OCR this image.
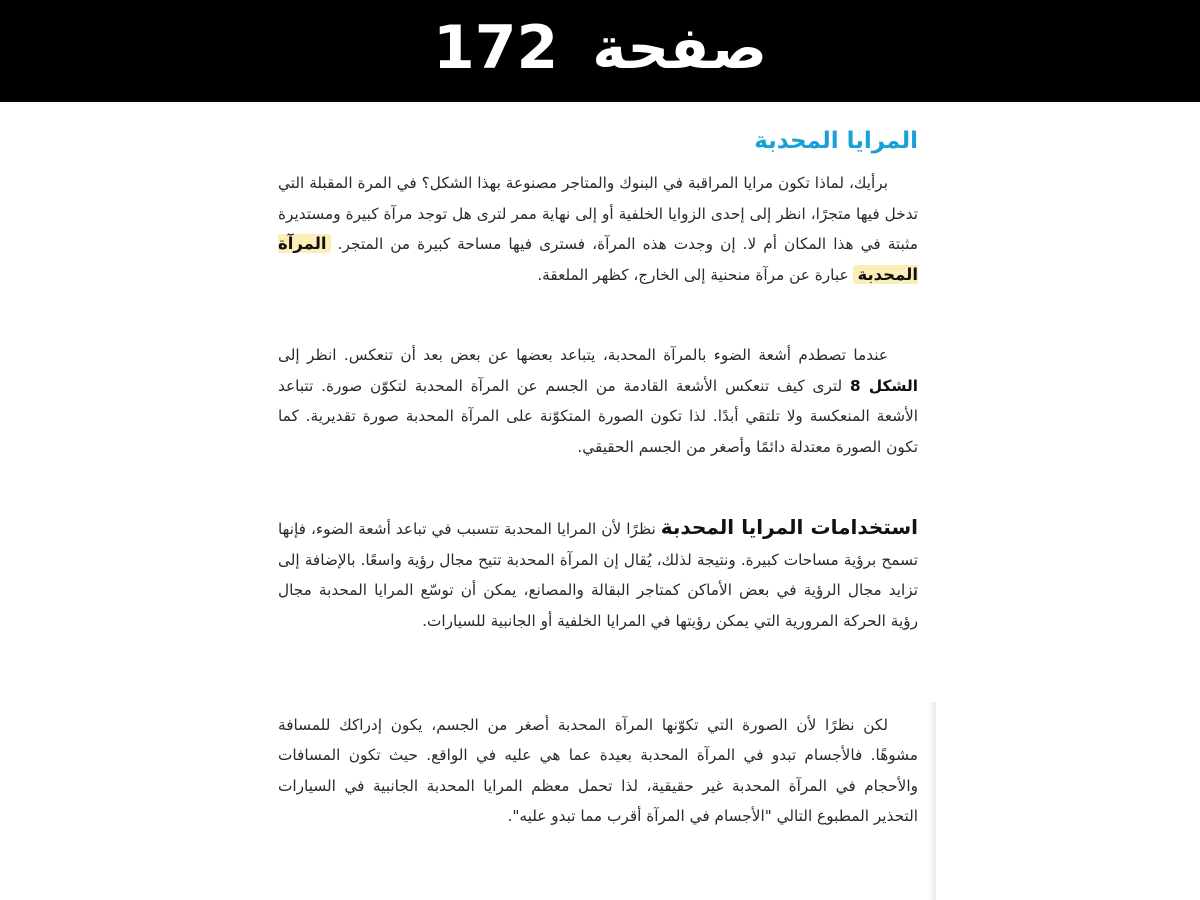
صفحة172
المرايا المحدبة

برأيك، لماذا تكون مرايا المراقبة في البنوك والمتاجر مصنوعة بهذا الشكل؟ في المرة المقبلة التي تدخل فيها متجرًا، انظر إلى إحدى الزوايا الخلفية أو إلى نهاية ممر لترى هل توجد مرآة كبيرة ومستديرة مثبتة في هذا المكان أم لا. إن وجدت هذه المرآة، فسترى فيها مساحة كبيرة من المتجر. المرآة المحدبة عبارة عن مرآة منحنية إلى الخارج، كظهر الملعقة.

عندما تصطدم أشعة الضوء بالمرآة المحدبة، يتباعد بعضها عن بعض بعد أن تنعكس. انظر إلى الشكل 8 لترى كيف تنعكس الأشعة القادمة من الجسم عن المرآة المحدبة لتكوّن صورة. تتباعد الأشعة المنعكسة ولا تلتقي أبدًا. لذا تكون الصورة المتكوّنة على المرآة المحدبة صورة تقديرية. كما تكون الصورة معتدلة دائمًا وأصغر من الجسم الحقيقي.

استخدامات المرايا المحدبة نظرًا لأن المرايا المحدبة تتسبب في تباعد أشعة الضوء، فإنها تسمح برؤية مساحات كبيرة. ونتيجة لذلك، يُقال إن المرآة المحدبة تتيح مجال رؤية واسعًا. بالإضافة إلى تزايد مجال الرؤية في بعض الأماكن كمتاجر البقالة والمصانع، يمكن أن توسّع المرايا المحدبة مجال رؤية الحركة المرورية التي يمكن رؤيتها في المرايا الخلفية أو الجانبية للسيارات.

لكن نظرًا لأن الصورة التي تكوّنها المرآة المحدبة أصغر من الجسم، يكون إدراكك للمسافة مشوهًا. فالأجسام تبدو في المرآة المحدبة بعيدة عما هي عليه في الواقع. حيث تكون المسافات والأحجام في المرآة المحدبة غير حقيقية، لذا تحمل معظم المرايا المحدبة الجانبية في السيارات التحذير المطبوع التالي "الأجسام في المرآة أقرب مما تبدو عليه".
